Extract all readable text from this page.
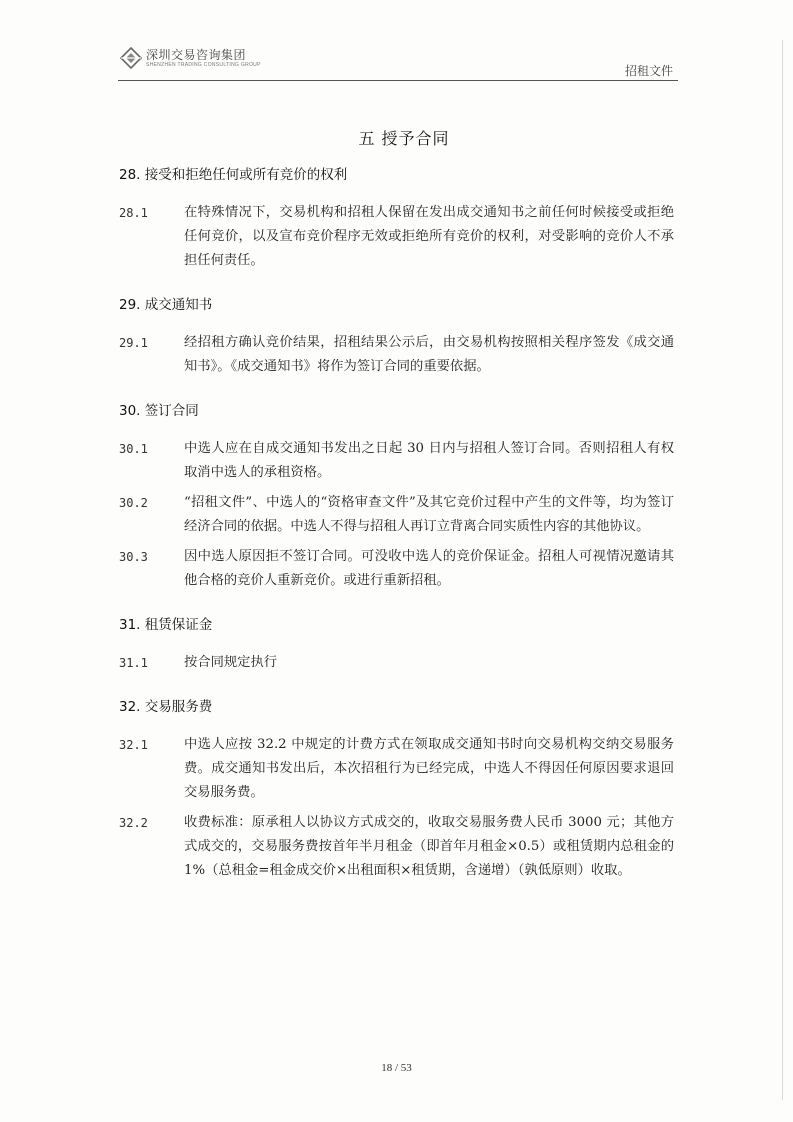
深圳交易咨询集团
SHENZHEN TRADING CONSULTING GROUP	招租文件
五 授予合同
28. 接受和拒绝任何或所有竞价的权利
28.1	在特殊情况下，交易机构和招租人保留在发出成交通知书之前任何时候接受或拒绝任何竞价，以及宣布竞价程序无效或拒绝所有竞价的权利，对受影响的竞价人不承担任何责任。
29. 成交通知书
29.1	经招租方确认竞价结果，招租结果公示后，由交易机构按照相关程序签发《成交通知书》。《成交通知书》将作为签订合同的重要依据。
30. 签订合同
30.1	中选人应在自成交通知书发出之日起 30 日内与招租人签订合同。否则招租人有权取消中选人的承租资格。
30.2	“招租文件”、中选人的“资格审查文件”及其它竞价过程中产生的文件等，均为签订经济合同的依据。中选人不得与招租人再订立背离合同实质性内容的其他协议。
30.3	因中选人原因拒不签订合同。可没收中选人的竞价保证金。招租人可视情况邀请其他合格的竞价人重新竞价。或进行重新招租。
31. 租赁保证金
31.1	按合同规定执行
32. 交易服务费
32.1	中选人应按 32.2 中规定的计费方式在领取成交通知书时向交易机构交纳交易服务费。成交通知书发出后，本次招租行为已经完成，中选人不得因任何原因要求退回交易服务费。
32.2	收费标准：原承租人以协议方式成交的，收取交易服务费人民币 3000 元；其他方式成交的，交易服务费按首年半月租金（即首年月租金×0.5）或租赁期内总租金的 1%（总租金=租金成交价×出租面积×租赁期，含递增）（孰低原则）收取。
18 / 53
